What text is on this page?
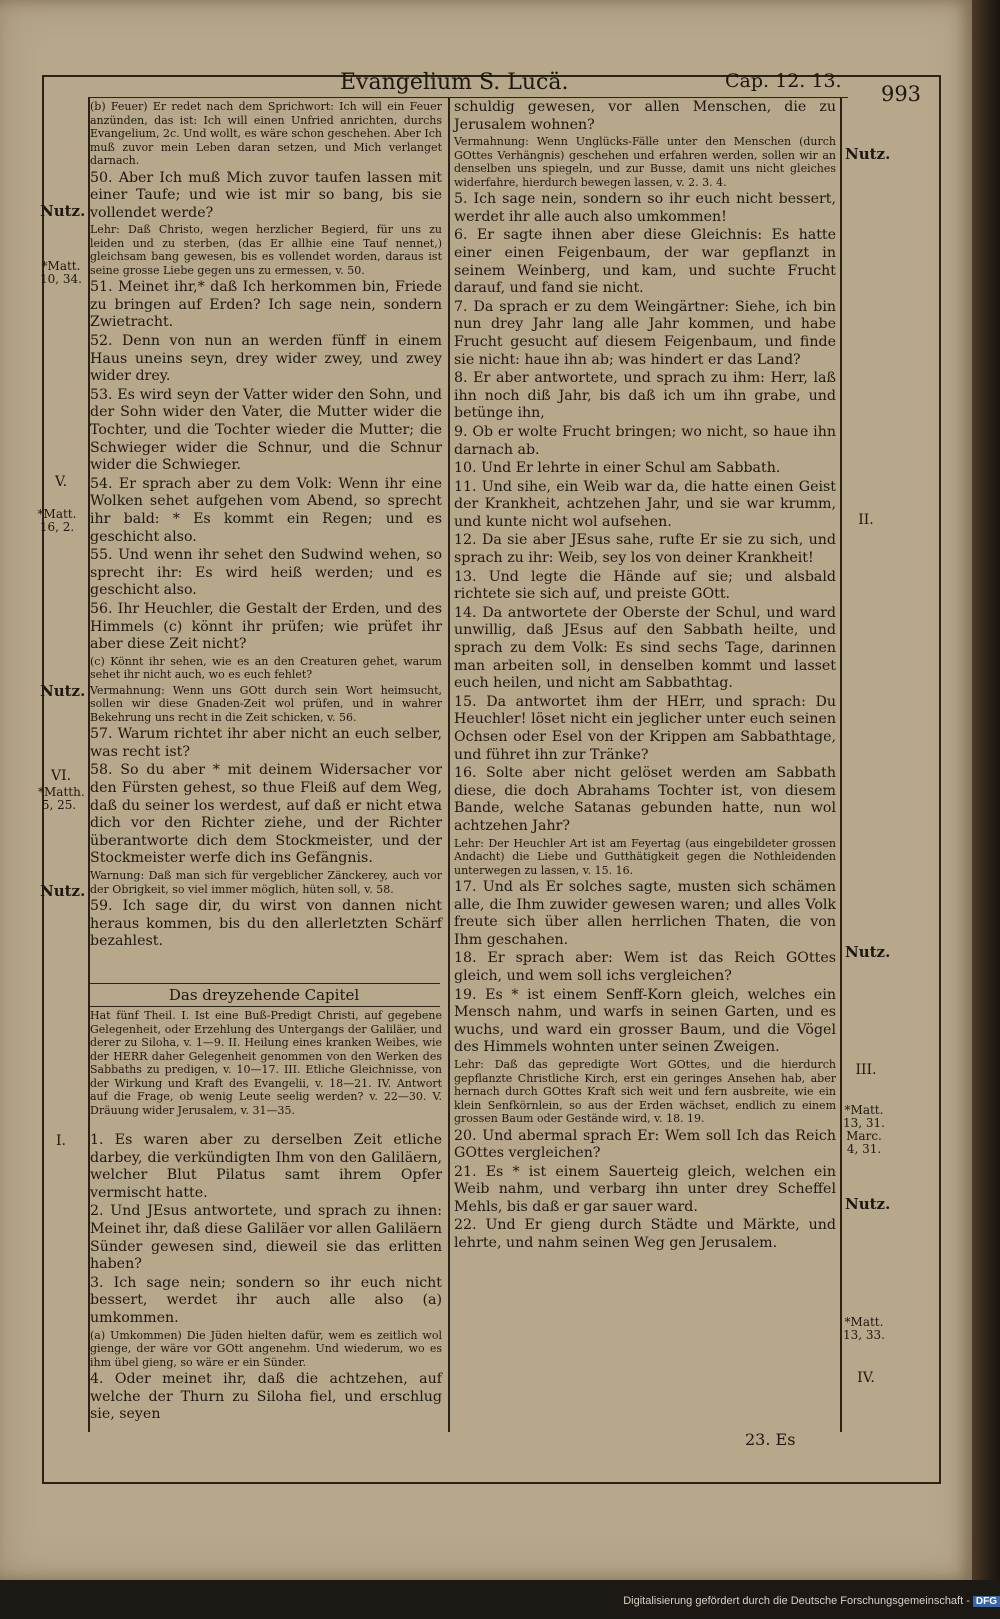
Evangelium S. Lucä.	Cap. 12. 13.
993

(b) Feuer) Er redet nach dem Sprichwort: Ich will ein Feuer anzünden, das ist: Ich will einen Unfried anrichten, durchs Evangelium, 2c. Und wollt, es wäre schon geschehen. Aber Ich muß zuvor mein Leben daran setzen, und Mich verlanget darnach.

50. Aber Ich muß Mich zuvor taufen lassen mit einer Taufe; und wie ist mir so bang, bis sie vollendet werde?

Lehr: Daß Christo, wegen herzlicher Begierd, für uns zu leiden und zu sterben, (das Er allhie eine Tauf nennet,) gleichsam bang gewesen, bis es vollendet worden, daraus ist seine grosse Liebe gegen uns zu ermessen, v. 50.

51. Meinet ihr,* daß Ich herkommen bin, Friede zu bringen auf Erden? Ich sage nein, sondern Zwietracht.

52. Denn von nun an werden fünff in einem Haus uneins seyn, drey wider zwey, und zwey wider drey.

53. Es wird seyn der Vatter wider den Sohn, und der Sohn wider den Vater, die Mutter wider die Tochter, und die Tochter wieder die Mutter; die Schwieger wider die Schnur, und die Schnur wider die Schwieger.

54. Er sprach aber zu dem Volk: Wenn ihr eine Wolken sehet aufgehen vom Abend, so sprecht ihr bald: * Es kommt ein Regen; und es geschicht also.

55. Und wenn ihr sehet den Sudwind wehen, so sprecht ihr: Es wird heiß werden; und es geschicht also.

56. Ihr Heuchler, die Gestalt der Erden, und des Himmels (c) könnt ihr prüfen; wie prüfet ihr aber diese Zeit nicht?

(c) Könnt ihr sehen, wie es an den Creaturen gehet, warum sehet ihr nicht auch, wo es euch fehlet?

Vermahnung: Wenn uns GOtt durch sein Wort heimsucht, sollen wir diese Gnaden-Zeit wol prüfen, und in wahrer Bekehrung uns recht in die Zeit schicken, v. 56.

57. Warum richtet ihr aber nicht an euch selber, was recht ist?

58. So du aber * mit deinem Widersacher vor den Fürsten gehest, so thue Fleiß auf dem Weg, daß du seiner los werdest, auf daß er nicht etwa dich vor den Richter ziehe, und der Richter überantworte dich dem Stockmeister, und der Stockmeister werfe dich ins Gefängnis.

Warnung: Daß man sich für vergeblicher Zänckerey, auch vor der Obrigkeit, so viel immer möglich, hüten soll, v. 58.

59. Ich sage dir, du wirst von dannen nicht heraus kommen, bis du den allerletzten Schärf bezahlest.

Das dreyzehende Capitel
Hat fünf Theil. I. Ist eine Buß-Predigt Christi, auf gegebene Gelegenheit, oder Erzehlung des Untergangs der Galiläer, und derer zu Siloha, v. 1—9. II. Heilung eines kranken Weibes, wie der HERR daher Gelegenheit genommen von den Werken des Sabbaths zu predigen, v. 10—17. III. Etliche Gleichnisse, von der Wirkung und Kraft des Evangelii, v. 18—21. IV. Antwort auf die Frage, ob wenig Leute seelig werden? v. 22—30. V. Dräuung wider Jerusalem, v. 31—35.

1. Es waren aber zu derselben Zeit etliche darbey, die verkündigten Ihm von den Galiläern, welcher Blut Pilatus samt ihrem Opfer vermischt hatte.

2. Und JEsus antwortete, und sprach zu ihnen: Meinet ihr, daß diese Galiläer vor allen Galiläern Sünder gewesen sind, dieweil sie das erlitten haben?

3. Ich sage nein; sondern so ihr euch nicht bessert, werdet ihr auch alle also (a) umkommen.

(a) Umkommen) Die Jüden hielten dafür, wem es zeitlich wol gienge, der wäre vor GOtt angenehm. Und wiederum, wo es ihm übel gieng, so wäre er ein Sünder.

4. Oder meinet ihr, daß die achtzehen, auf welche der Thurn zu Siloha fiel, und erschlug sie, seyen

schuldig gewesen, vor allen Menschen, die zu Jerusalem wohnen?

Vermahnung: Wenn Unglücks-Fälle unter den Menschen (durch GOttes Verhängnis) geschehen und erfahren werden, sollen wir an denselben uns spiegeln, und zur Busse, damit uns nicht gleiches widerfahre, hierdurch bewegen lassen, v. 2. 3. 4.

5. Ich sage nein, sondern so ihr euch nicht bessert, werdet ihr alle auch also umkommen!

6. Er sagte ihnen aber diese Gleichnis: Es hatte einer einen Feigenbaum, der war gepflanzt in seinem Weinberg, und kam, und suchte Frucht darauf, und fand sie nicht.

7. Da sprach er zu dem Weingärtner: Siehe, ich bin nun drey Jahr lang alle Jahr kommen, und habe Frucht gesucht auf diesem Feigenbaum, und finde sie nicht: haue ihn ab; was hindert er das Land?

8. Er aber antwortete, und sprach zu ihm: Herr, laß ihn noch diß Jahr, bis daß ich um ihn grabe, und betünge ihn,

9. Ob er wolte Frucht bringen; wo nicht, so haue ihn darnach ab.

10. Und Er lehrte in einer Schul am Sabbath.

11. Und sihe, ein Weib war da, die hatte einen Geist der Krankheit, achtzehen Jahr, und sie war krumm, und kunte nicht wol aufsehen.

12. Da sie aber JEsus sahe, rufte Er sie zu sich, und sprach zu ihr: Weib, sey los von deiner Krankheit!

13. Und legte die Hände auf sie; und alsbald richtete sie sich auf, und preiste GOtt.

14. Da antwortete der Oberste der Schul, und ward unwillig, daß JEsus auf den Sabbath heilte, und sprach zu dem Volk: Es sind sechs Tage, darinnen man arbeiten soll, in denselben kommt und lasset euch heilen, und nicht am Sabbathtag.

15. Da antwortet ihm der HErr, und sprach: Du Heuchler! löset nicht ein jeglicher unter euch seinen Ochsen oder Esel von der Krippen am Sabbathtage, und führet ihn zur Tränke?

16. Solte aber nicht gelöset werden am Sabbath diese, die doch Abrahams Tochter ist, von diesem Bande, welche Satanas gebunden hatte, nun wol achtzehen Jahr?

Lehr: Der Heuchler Art ist am Feyertag (aus eingebildeter grossen Andacht) die Liebe und Gutthätigkeit gegen die Nothleidenden unterwegen zu lassen, v. 15. 16.

17. Und als Er solches sagte, musten sich schämen alle, die Ihm zuwider gewesen waren; und alles Volk freute sich über allen herrlichen Thaten, die von Ihm geschahen.

18. Er sprach aber: Wem ist das Reich GOttes gleich, und wem soll ichs vergleichen?

19. Es * ist einem Senff-Korn gleich, welches ein Mensch nahm, und warfs in seinen Garten, und es wuchs, und ward ein grosser Baum, und die Vögel des Himmels wohnten unter seinen Zweigen.

Lehr: Daß das gepredigte Wort GOttes, und die hierdurch gepflanzte Christliche Kirch, erst ein geringes Ansehen hab, aber hernach durch GOttes Kraft sich weit und fern ausbreite, wie ein klein Senfkörnlein, so aus der Erden wächset, endlich zu einem grossen Baum oder Gestände wird, v. 18. 19.

20. Und abermal sprach Er: Wem soll Ich das Reich GOttes vergleichen?

21. Es * ist einem Sauerteig gleich, welchen ein Weib nahm, und verbarg ihn unter drey Scheffel Mehls, bis daß er gar sauer ward.

22. Und Er gieng durch Städte und Märkte, und lehrte, und nahm seinen Weg gen Jerusalem.

Nutz.
*Matt. 10, 34.
V.
*Matt. 16, 2.
Nutz.
VI.
*Matth. 5, 25.
Nutz.
I.
Nutz.
II.
Nutz.
III.
*Matt. 13, 31. Marc. 4, 31.
Nutz.
*Matt. 13, 33.
IV.
23. Es
Digitalisierung gefördert durch die Deutsche Forschungsgemeinschaft - DFG
